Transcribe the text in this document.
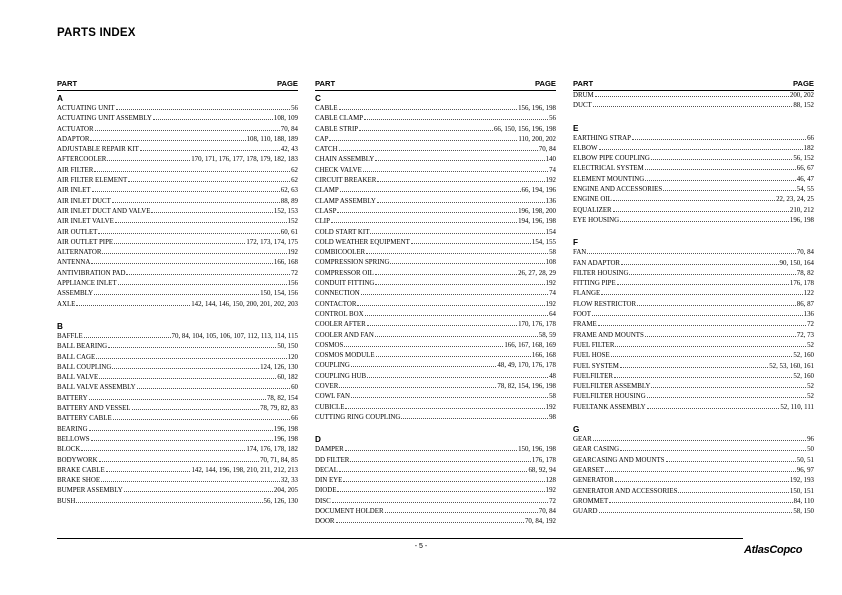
PARTS INDEX
PART	PAGE
A
ACTUATING UNIT	56
ACTUATING UNIT ASSEMBLY	108, 109
ACTUATOR	70, 84
ADAPTOR	108, 110, 188, 189
ADJUSTABLE REPAIR KIT	42, 43
AFTERCOOLER	170, 171, 176, 177, 178, 179, 182, 183
AIR FILTER	62
AIR FILTER ELEMENT	62
AIR INLET	62, 63
AIR INLET DUCT	88, 89
AIR INLET DUCT AND VALVE	152, 153
AIR INLET VALVE	152
AIR OUTLET	60, 61
AIR OUTLET PIPE	172, 173, 174, 175
ALTERNATOR	192
ANTENNA	166, 168
ANTIVIBRATION PAD	72
APPLIANCE INLET	156
ASSEMBLY	150, 154, 156
AXLE	142, 144, 146, 150, 200, 201, 202, 203
B
BAFFLE	70, 84, 104, 105, 106, 107, 112, 113, 114, 115
BALL BEARING	50, 150
BALL CAGE	120
BALL COUPLING	124, 126, 130
BALL VALVE	60, 182
BALL VALVE ASSEMBLY	60
BATTERY	78, 82, 154
BATTERY AND VESSEL	78, 79, 82, 83
BATTERY CABLE	66
BEARING	196, 198
BELLOWS	196, 198
BLOCK	174, 176, 178, 182
BODYWORK	70, 71, 84, 85
BRAKE CABLE	142, 144, 196, 198, 210, 211, 212, 213
BRAKE SHOE	32, 33
BUMPER ASSEMBLY	204, 205
BUSH	56, 126, 130
PART	PAGE
C
CABLE	156, 196, 198
CABLE CLAMP	56
CABLE STRIP	66, 150, 156, 196, 198
CAP	110, 200, 202
CATCH	70, 84
CHAIN ASSEMBLY	140
CHECK VALVE	74
CIRCUIT BREAKER	192
CLAMP	66, 194, 196
CLAMP ASSEMBLY	136
CLASP	196, 198, 200
CLIP	194, 196, 198
COLD START KIT	154
COLD WEATHER EQUIPMENT	154, 155
COMBICOOLER	58
COMPRESSION SPRING	108
COMPRESSOR OIL	26, 27, 28, 29
CONDUIT FITTING	192
CONNECTION	74
CONTACTOR	192
CONTROL BOX	64
COOLER AFTER	170, 176, 178
COOLER AND FAN	58, 59
COSMOS	166, 167, 168, 169
COSMOS MODULE	166, 168
COUPLING	48, 49, 170, 176, 178
COUPLING HUB	48
COVER	78, 82, 154, 196, 198
COWL FAN	58
CUBICLE	192
CUTTING RING COUPLING	98
D
DAMPER	150, 196, 198
DD FILTER	176, 178
DECAL	68, 92, 94
DIN EYE	128
DIODE	192
DISC	72
DOCUMENT HOLDER	70, 84
DOOR	70, 84, 192
PART	PAGE
DRUM	200, 202
DUCT	88, 152
E
EARTHING STRAP	66
ELBOW	182
ELBOW PIPE COUPLING	56, 152
ELECTRICAL SYSTEM	66, 67
ELEMENT MOUNTING	46, 47
ENGINE AND ACCESSORIES	54, 55
ENGINE OIL	22, 23, 24, 25
EQUALIZER	210, 212
EYE HOUSING	196, 198
F
FAN	70, 84
FAN ADAPTOR	90, 150, 164
FILTER HOUSING	78, 82
FITTING PIPE	176, 178
FLANGE	122
FLOW RESTRICTOR	86, 87
FOOT	136
FRAME	72
FRAME AND MOUNTS	72, 73
FUEL FILTER	52
FUEL HOSE	52, 160
FUEL SYSTEM	52, 53, 160, 161
FUELFILTER	52, 160
FUELFILTER ASSEMBLY	52
FUELFILTER HOUSING	52
FUELTANK ASSEMBLY	52, 110, 111
G
GEAR	96
GEAR CASING	50
GEARCASING AND MOUNTS	50, 51
GEARSET	96, 97
GENERATOR	192, 193
GENERATOR AND ACCESSORIES	150, 151
GROMMET	84, 110
GUARD	58, 150
- 5 -	AtlasCopco
